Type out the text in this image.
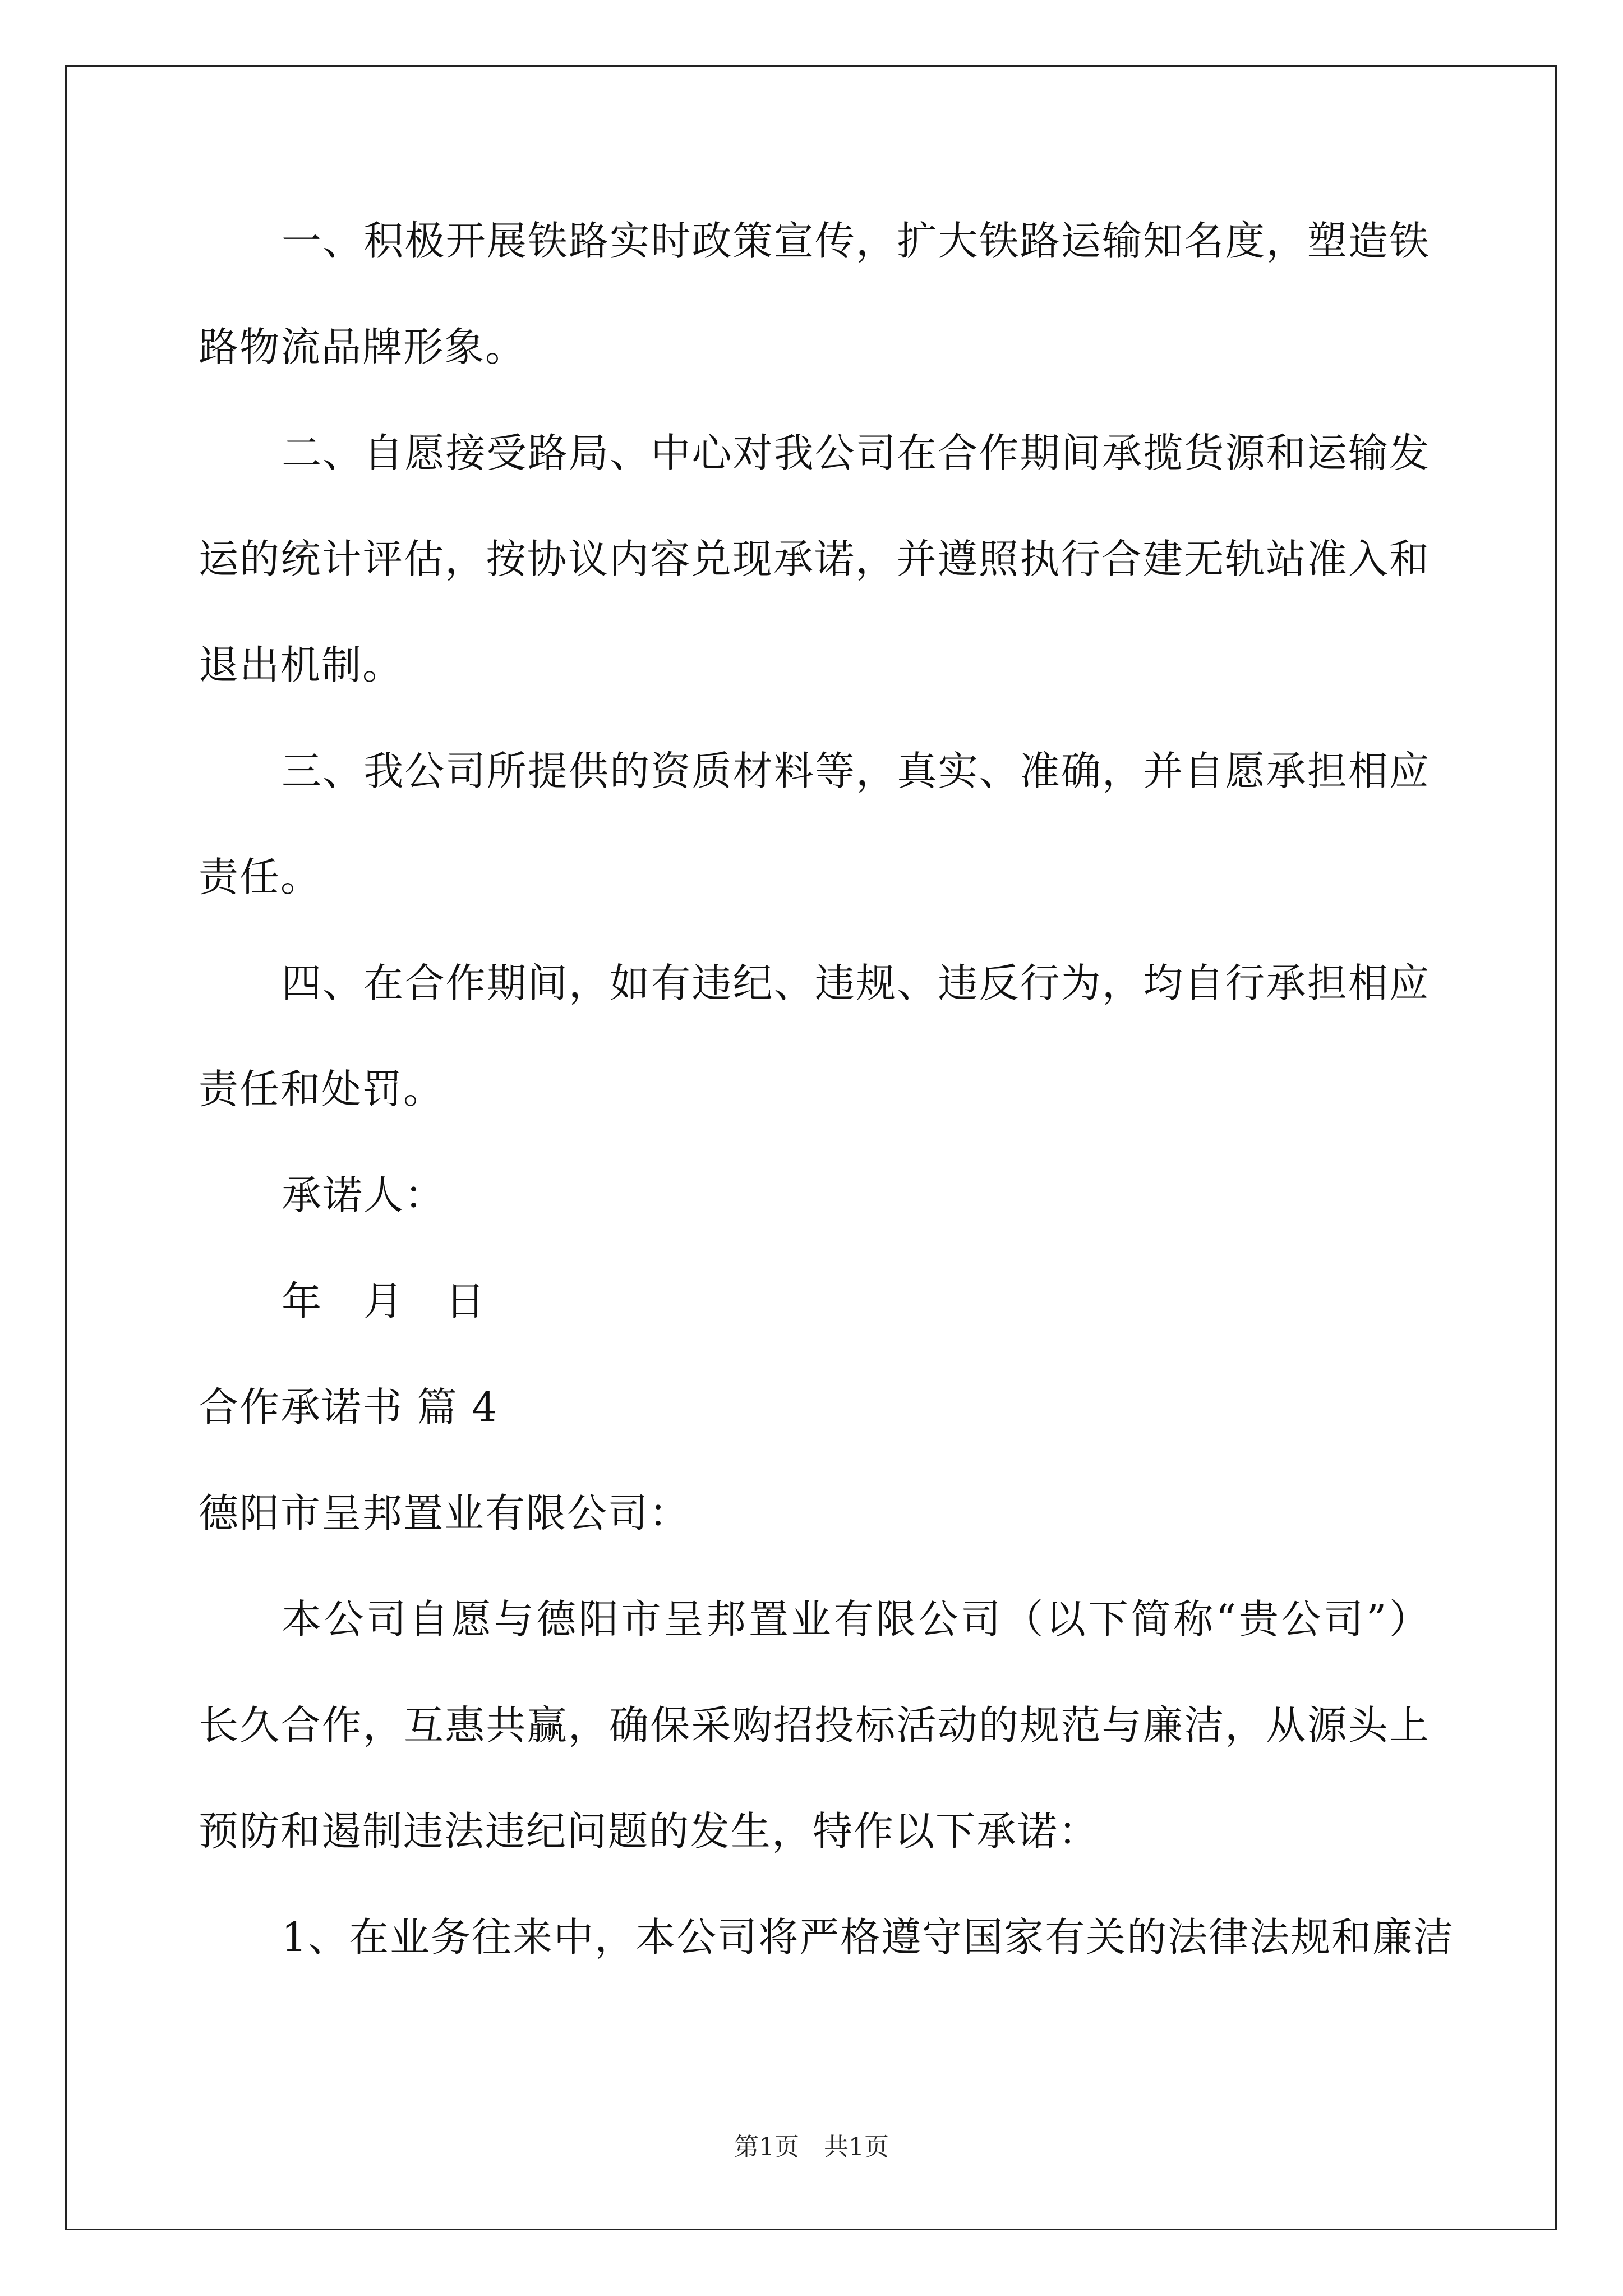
一、积极开展铁路实时政策宣传，扩大铁路运输知名度，塑造铁
路物流品牌形象。
二、自愿接受路局、中心对我公司在合作期间承揽货源和运输发
运的统计评估，按协议内容兑现承诺，并遵照执行合建无轨站准入和
退出机制。
三、我公司所提供的资质材料等，真实、准确，并自愿承担相应
责任。
四、在合作期间，如有违纪、违规、违反行为，均自行承担相应
责任和处罚。
承诺人：
年　月　日
合作承诺书 篇 4
德阳市呈邦置业有限公司：
本公司自愿与德阳市呈邦置业有限公司（以下简称“贵公司”）
长久合作，互惠共赢，确保采购招投标活动的规范与廉洁，从源头上
预防和遏制违法违纪问题的发生，特作以下承诺：
1、在业务往来中，本公司将严格遵守国家有关的法律法规和廉洁
第1页　共1页
